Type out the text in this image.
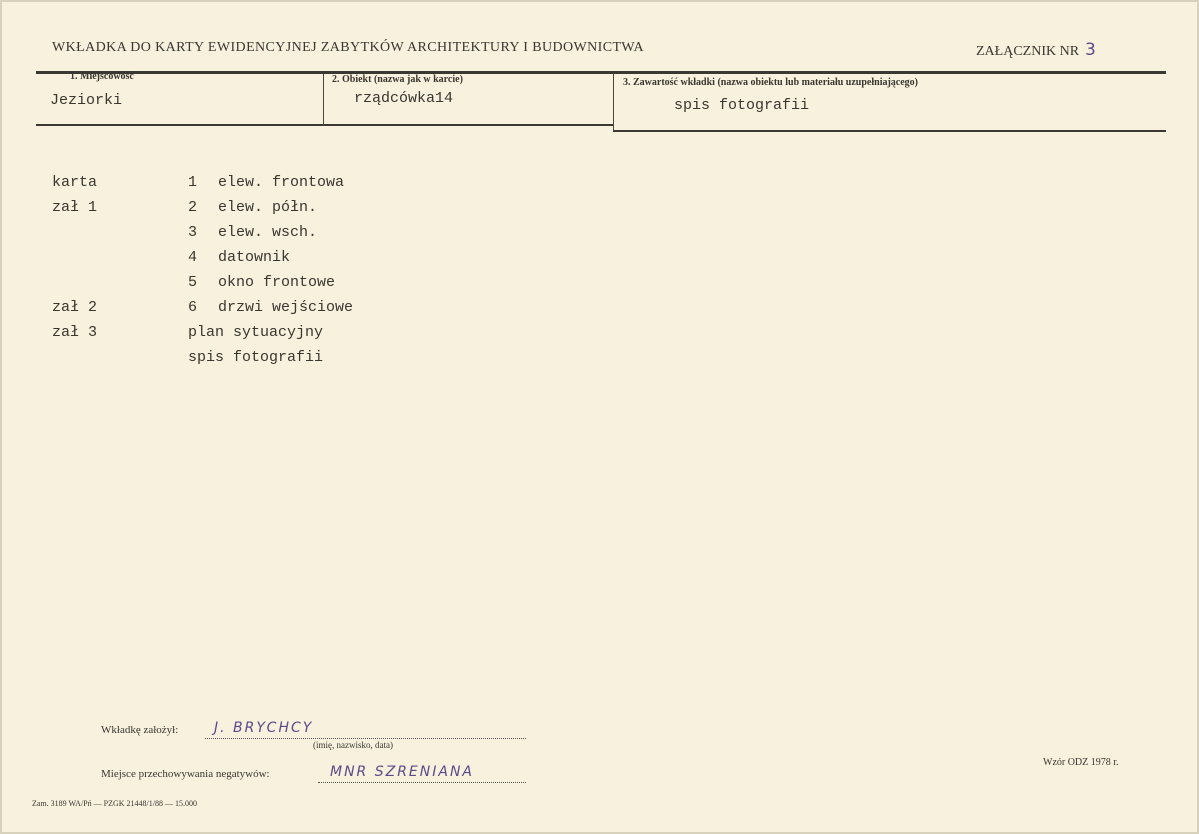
WKŁADKA DO KARTY EWIDENCYJNEJ ZABYTKÓW ARCHITEKTURY I BUDOWNICTWA	ZAŁĄCZNIK NR 3
1. Miejscowość
Jeziorki
2. Obiekt (nazwa jak w karcie)
rządcówka14
3. Zawartość wkładki (nazwa obiektu lub materiału uzupełniającego)
spis fotografii
karta	1 elew. frontowa
zał 1	2 elew. półn.
3 elew. wsch.
4 datownik
5 okno frontowe
zał 2	6 drzwi wejściowe
zał 3	plan sytuacyjny
spis fotografii
Wkładkę założył:	J. BRYCHCY
(imię, nazwisko, data)
Miejsce przechowywania negatywów:	MNR SZRENIANA
Wzór ODZ 1978 r.
Zam. 3189 WA/Pń — PZGK 21448/1/88 — 15.000
